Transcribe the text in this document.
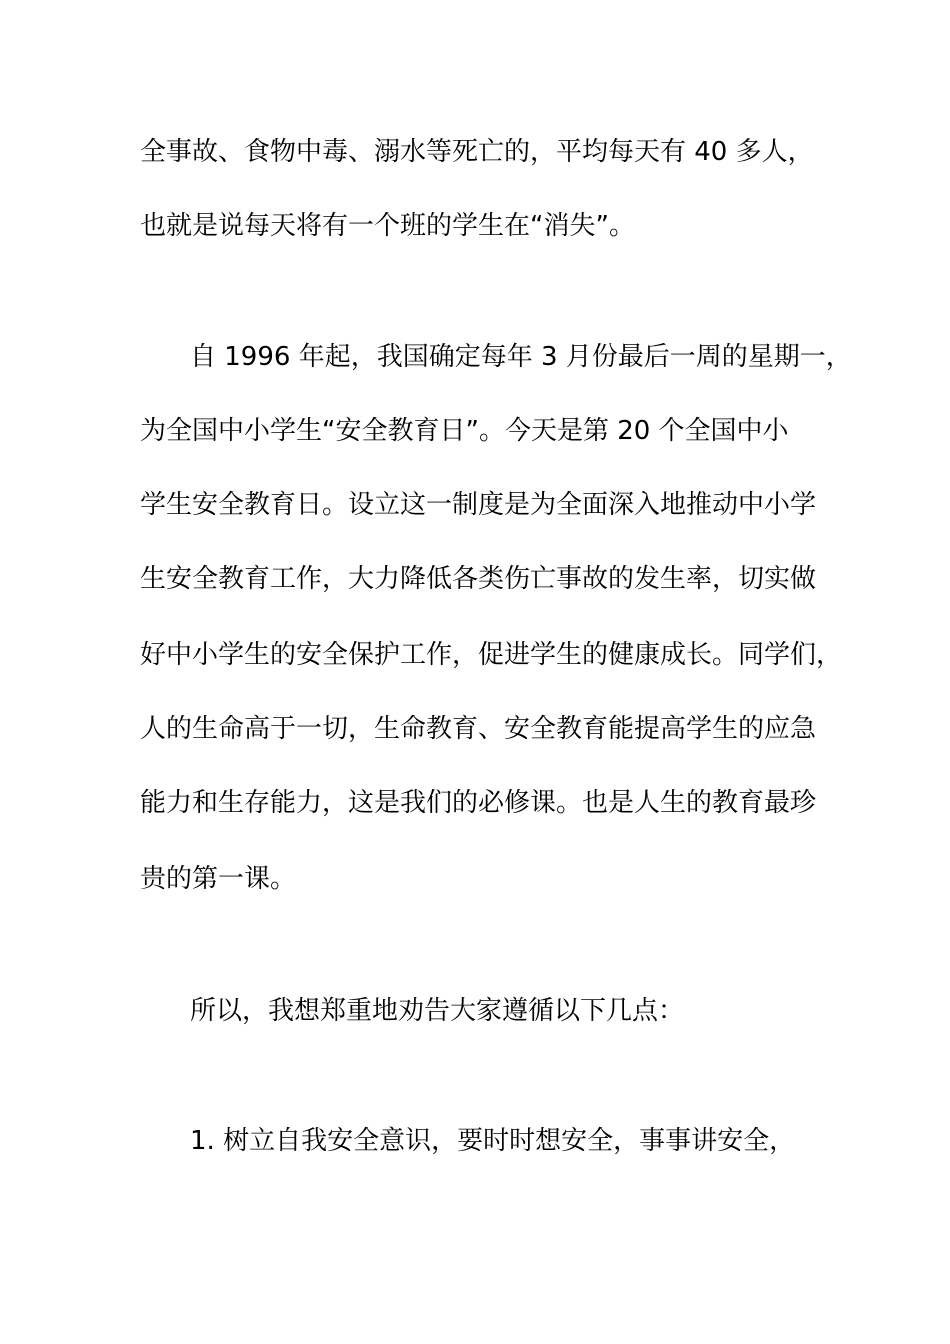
全事故、食物中毒、溺水等死亡的，平均每天有 40 多人，
也就是说每天将有一个班的学生在“消失”。
自 1996 年起，我国确定每年 3 月份最后一周的星期一，
为全国中小学生“安全教育日”。今天是第 20 个全国中小
学生安全教育日。设立这一制度是为全面深入地推动中小学
生安全教育工作，大力降低各类伤亡事故的发生率，切实做
好中小学生的安全保护工作，促进学生的健康成长。同学们，
人的生命高于一切，生命教育、安全教育能提高学生的应急
能力和生存能力，这是我们的必修课。也是人生的教育最珍
贵的第一课。
所以，我想郑重地劝告大家遵循以下几点：
1. 树立自我安全意识，要时时想安全，事事讲安全，
